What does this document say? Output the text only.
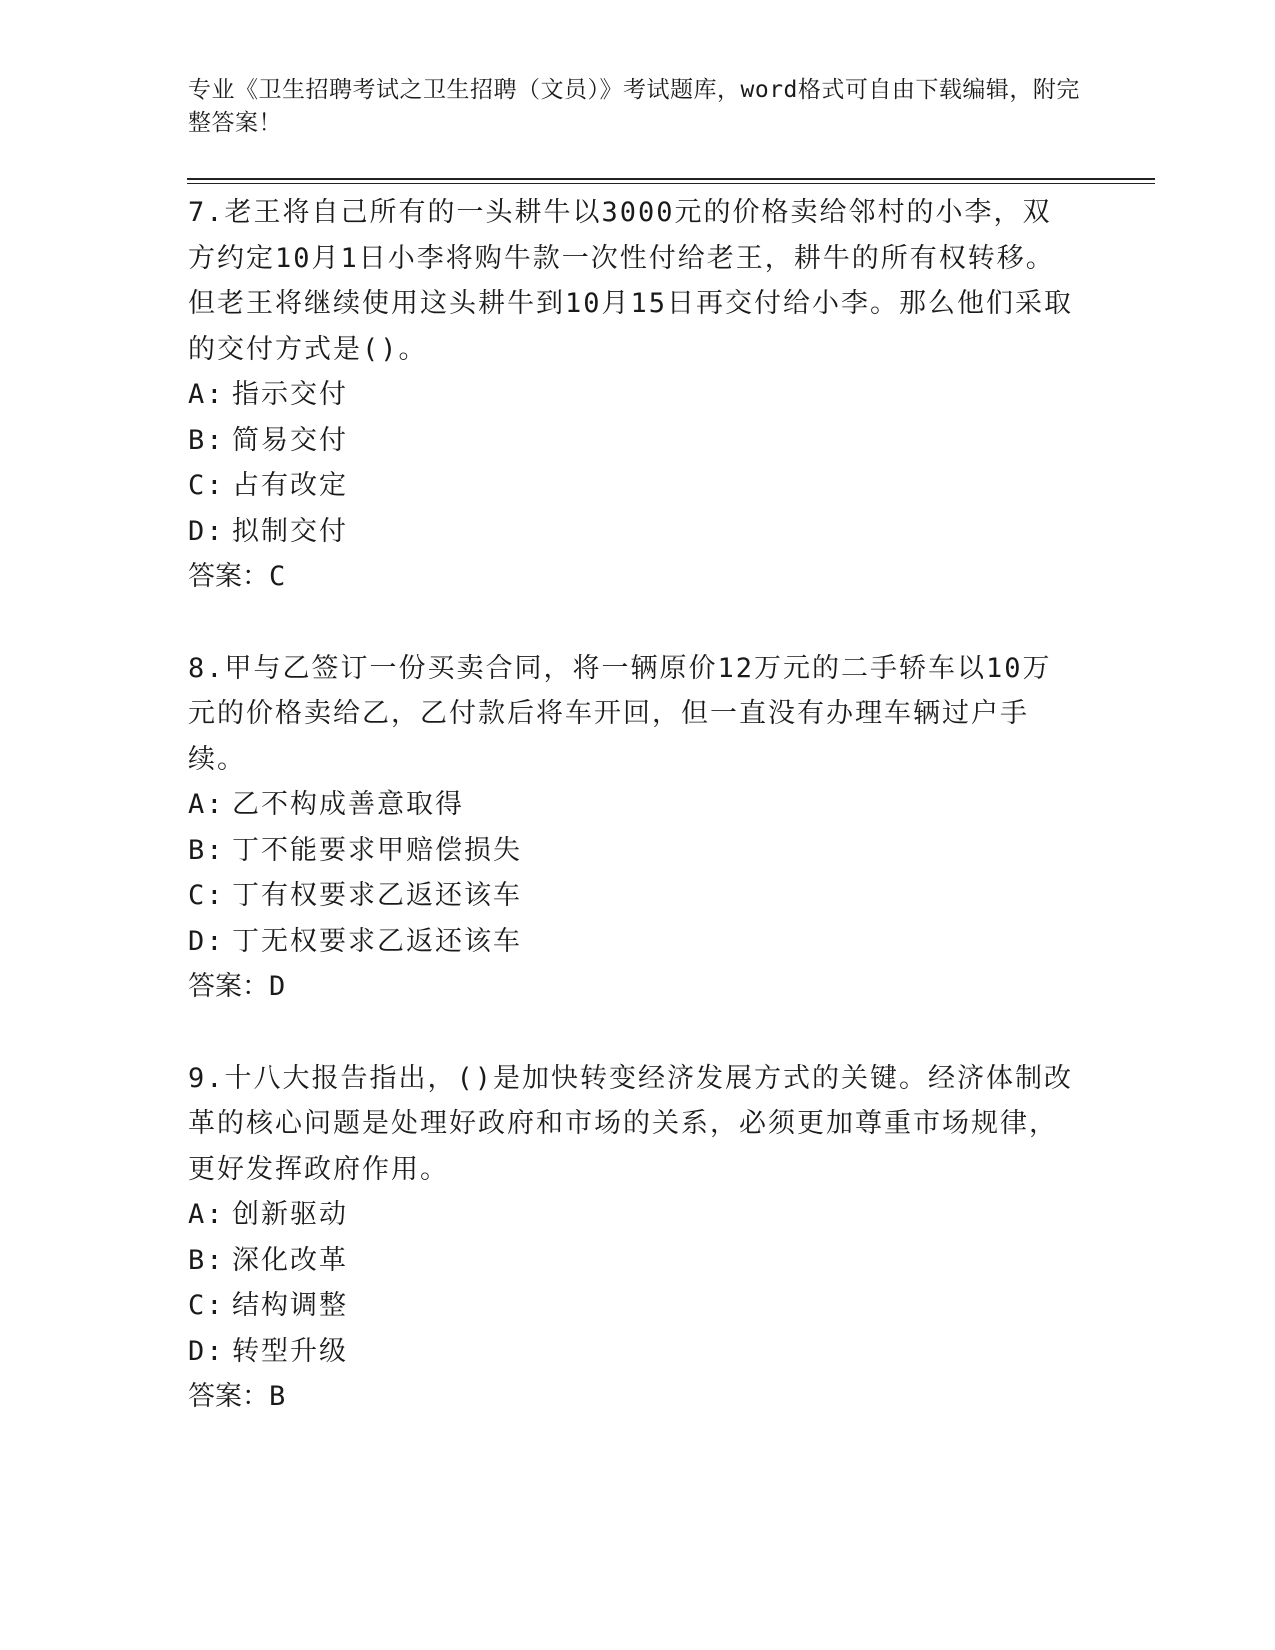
专业《卫生招聘考试之卫生招聘（文员）》考试题库，word格式可自由下载编辑，附完整答案！

7.老王将自己所有的一头耕牛以3000元的价格卖给邻村的小李，双方约定10月1日小李将购牛款一次性付给老王，耕牛的所有权转移。但老王将继续使用这头耕牛到10月15日再交付给小李。那么他们采取的交付方式是()。

A: 指示交付
B: 简易交付
C: 占有改定
D: 拟制交付

答案：C

8.甲与乙签订一份买卖合同，将一辆原价12万元的二手轿车以10万元的价格卖给乙，乙付款后将车开回，但一直没有办理车辆过户手续。

A: 乙不构成善意取得
B: 丁不能要求甲赔偿损失
C: 丁有权要求乙返还该车
D: 丁无权要求乙返还该车

答案：D

9.十八大报告指出，()是加快转变经济发展方式的关键。经济体制改革的核心问题是处理好政府和市场的关系，必须更加尊重市场规律，更好发挥政府作用。

A: 创新驱动
B: 深化改革
C: 结构调整
D: 转型升级

答案：B
